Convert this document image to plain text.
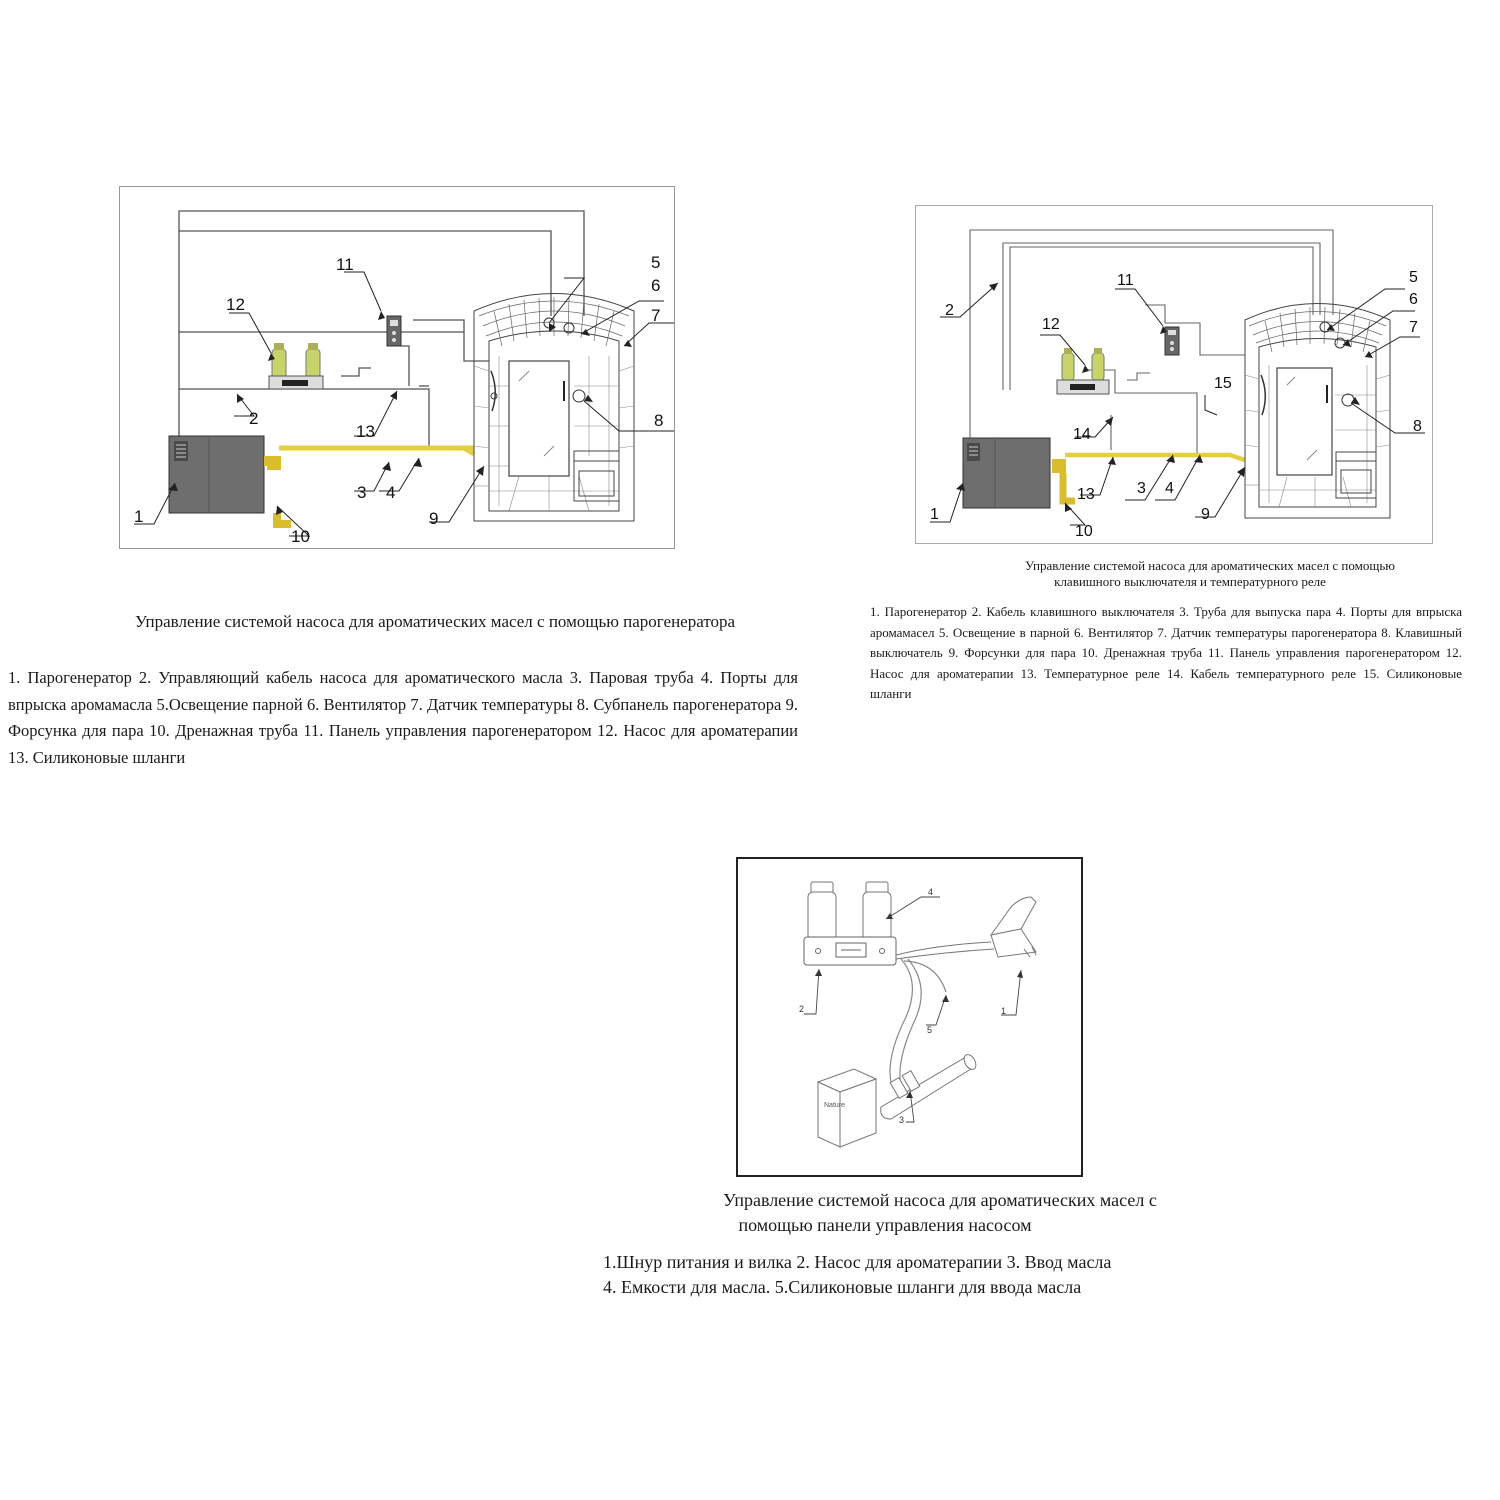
1
2
3 4
5
6
7
8
9
10
11
12
13
Управление системой насоса для ароматических масел с помощью парогенератора
1. Парогенератор 2. Управляющий кабель насоса для ароматического масла 3. Паровая труба 4. Порты для впрыска аромамасла 5.Освещение парной 6. Вентилятор 7. Датчик температуры 8. Субпанель парогенератора 9. Форсунка для пара 10. Дренажная труба 11. Панель управления парогенератором 12. Насос для ароматерапии 13. Силиконовые шланги
1
2
3 4
5
6
7
8
9
10
11
12
13
14
15
Управление системой насоса для ароматических масел с помощью
клавишного выключателя и температурного реле
1. Парогенератор 2. Кабель клавишного выключателя 3. Труба для выпуска пара 4. Порты для впрыска аромамасел 5. Освещение в парной 6. Вентилятор 7. Датчик температуры парогенератора 8. Клавишный выключатель 9. Форсунки для пара 10. Дренажная труба 11. Панель управления парогенератором 12. Насос для ароматерапии 13. Температурное реле 14. Кабель температурного реле 15. Силиконовые шланги
Nature
1
2
3
4
5
Управление системой насоса для ароматических масел с
помощью панели управления насосом
1.Шнур питания и вилка 2. Насос для ароматерапии 3. Ввод масла
4. Емкости для масла. 5.Силиконовые шланги для ввода масла
